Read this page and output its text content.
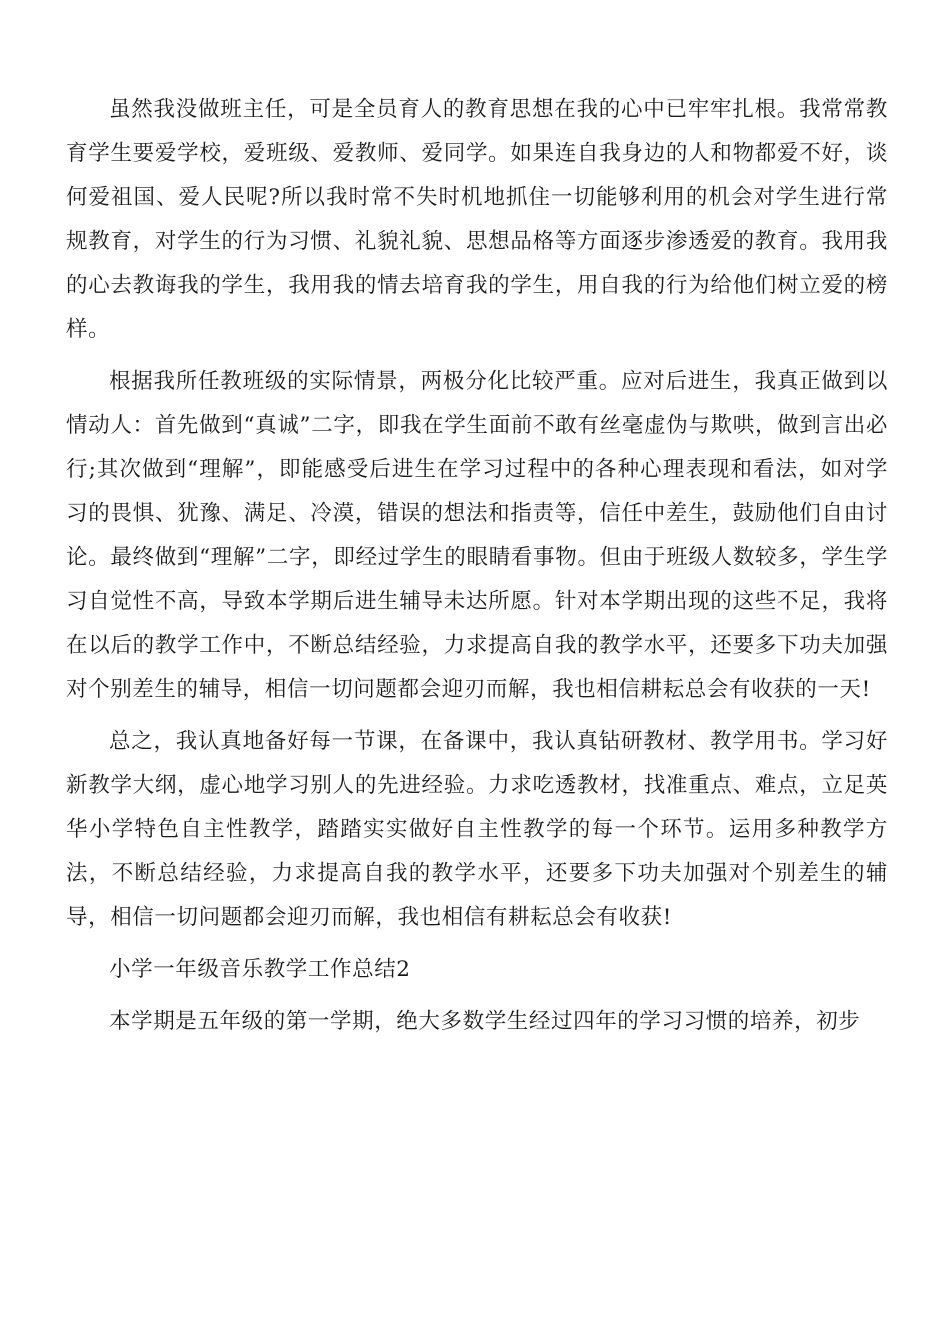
虽然我没做班主任，可是全员育人的教育思想在我的心中已牢牢扎根。我常常教育学生要爱学校，爱班级、爱教师、爱同学。如果连自我身边的人和物都爱不好，谈何爱祖国、爱人民呢?所以我时常不失时机地抓住一切能够利用的机会对学生进行常规教育，对学生的行为习惯、礼貌礼貌、思想品格等方面逐步渗透爱的教育。我用我的心去教诲我的学生，我用我的情去培育我的学生，用自我的行为给他们树立爱的榜样。

根据我所任教班级的实际情景，两极分化比较严重。应对后进生，我真正做到以情动人：首先做到“真诚”二字，即我在学生面前不敢有丝毫虚伪与欺哄，做到言出必行;其次做到“理解”，即能感受后进生在学习过程中的各种心理表现和看法，如对学习的畏惧、犹豫、满足、冷漠，错误的想法和指责等，信任中差生，鼓励他们自由讨论。最终做到“理解”二字，即经过学生的眼睛看事物。但由于班级人数较多，学生学习自觉性不高，导致本学期后进生辅导未达所愿。针对本学期出现的这些不足，我将在以后的教学工作中，不断总结经验，力求提高自我的教学水平，还要多下功夫加强对个别差生的辅导，相信一切问题都会迎刃而解，我也相信耕耘总会有收获的一天!

总之，我认真地备好每一节课，在备课中，我认真钻研教材、教学用书。学习好新教学大纲，虚心地学习别人的先进经验。力求吃透教材，找准重点、难点，立足英华小学特色自主性教学，踏踏实实做好自主性教学的每一个环节。运用多种教学方法，不断总结经验，力求提高自我的教学水平，还要多下功夫加强对个别差生的辅导，相信一切问题都会迎刃而解，我也相信有耕耘总会有收获!

小学一年级音乐教学工作总结2

本学期是五年级的第一学期，绝大多数学生经过四年的学习习惯的培养，初步
